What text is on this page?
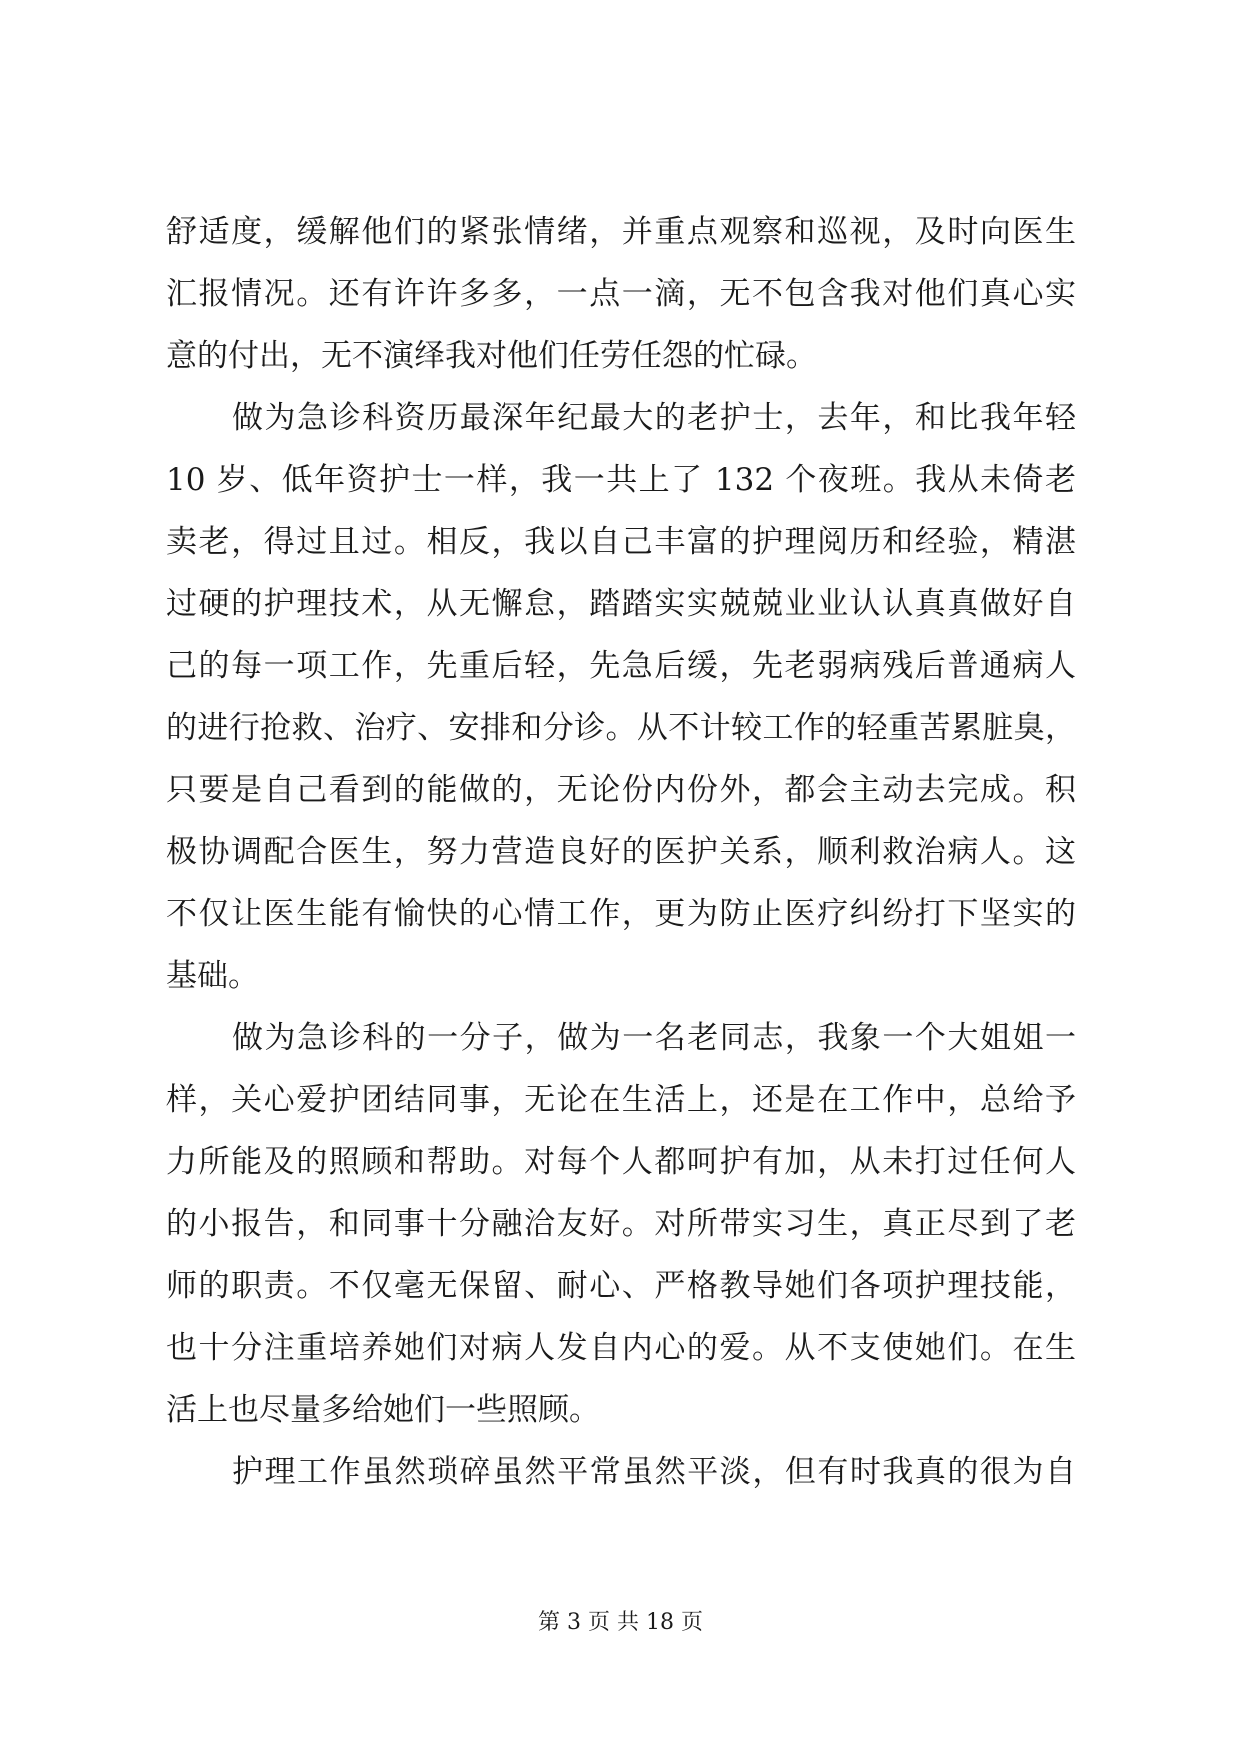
舒适度，缓解他们的紧张情绪，并重点观察和巡视，及时向医生
汇报情况。还有许许多多，一点一滴，无不包含我对他们真心实
意的付出，无不演绎我对他们任劳任怨的忙碌。
做为急诊科资历最深年纪最大的老护士，去年，和比我年轻
10 岁、低年资护士一样，我一共上了 132 个夜班。我从未倚老
卖老，得过且过。相反，我以自己丰富的护理阅历和经验，精湛
过硬的护理技术，从无懈怠，踏踏实实兢兢业业认认真真做好自
己的每一项工作，先重后轻，先急后缓，先老弱病残后普通病人
的进行抢救、治疗、安排和分诊。从不计较工作的轻重苦累脏臭，
只要是自己看到的能做的，无论份内份外，都会主动去完成。积
极协调配合医生，努力营造良好的医护关系，顺利救治病人。这
不仅让医生能有愉快的心情工作，更为防止医疗纠纷打下坚实的
基础。
做为急诊科的一分子，做为一名老同志，我象一个大姐姐一
样，关心爱护团结同事，无论在生活上，还是在工作中，总给予
力所能及的照顾和帮助。对每个人都呵护有加，从未打过任何人
的小报告，和同事十分融洽友好。对所带实习生，真正尽到了老
师的职责。不仅毫无保留、耐心、严格教导她们各项护理技能，
也十分注重培养她们对病人发自内心的爱。从不支使她们。在生
活上也尽量多给她们一些照顾。
护理工作虽然琐碎虽然平常虽然平淡，但有时我真的很为自
第 3 页 共 18 页
